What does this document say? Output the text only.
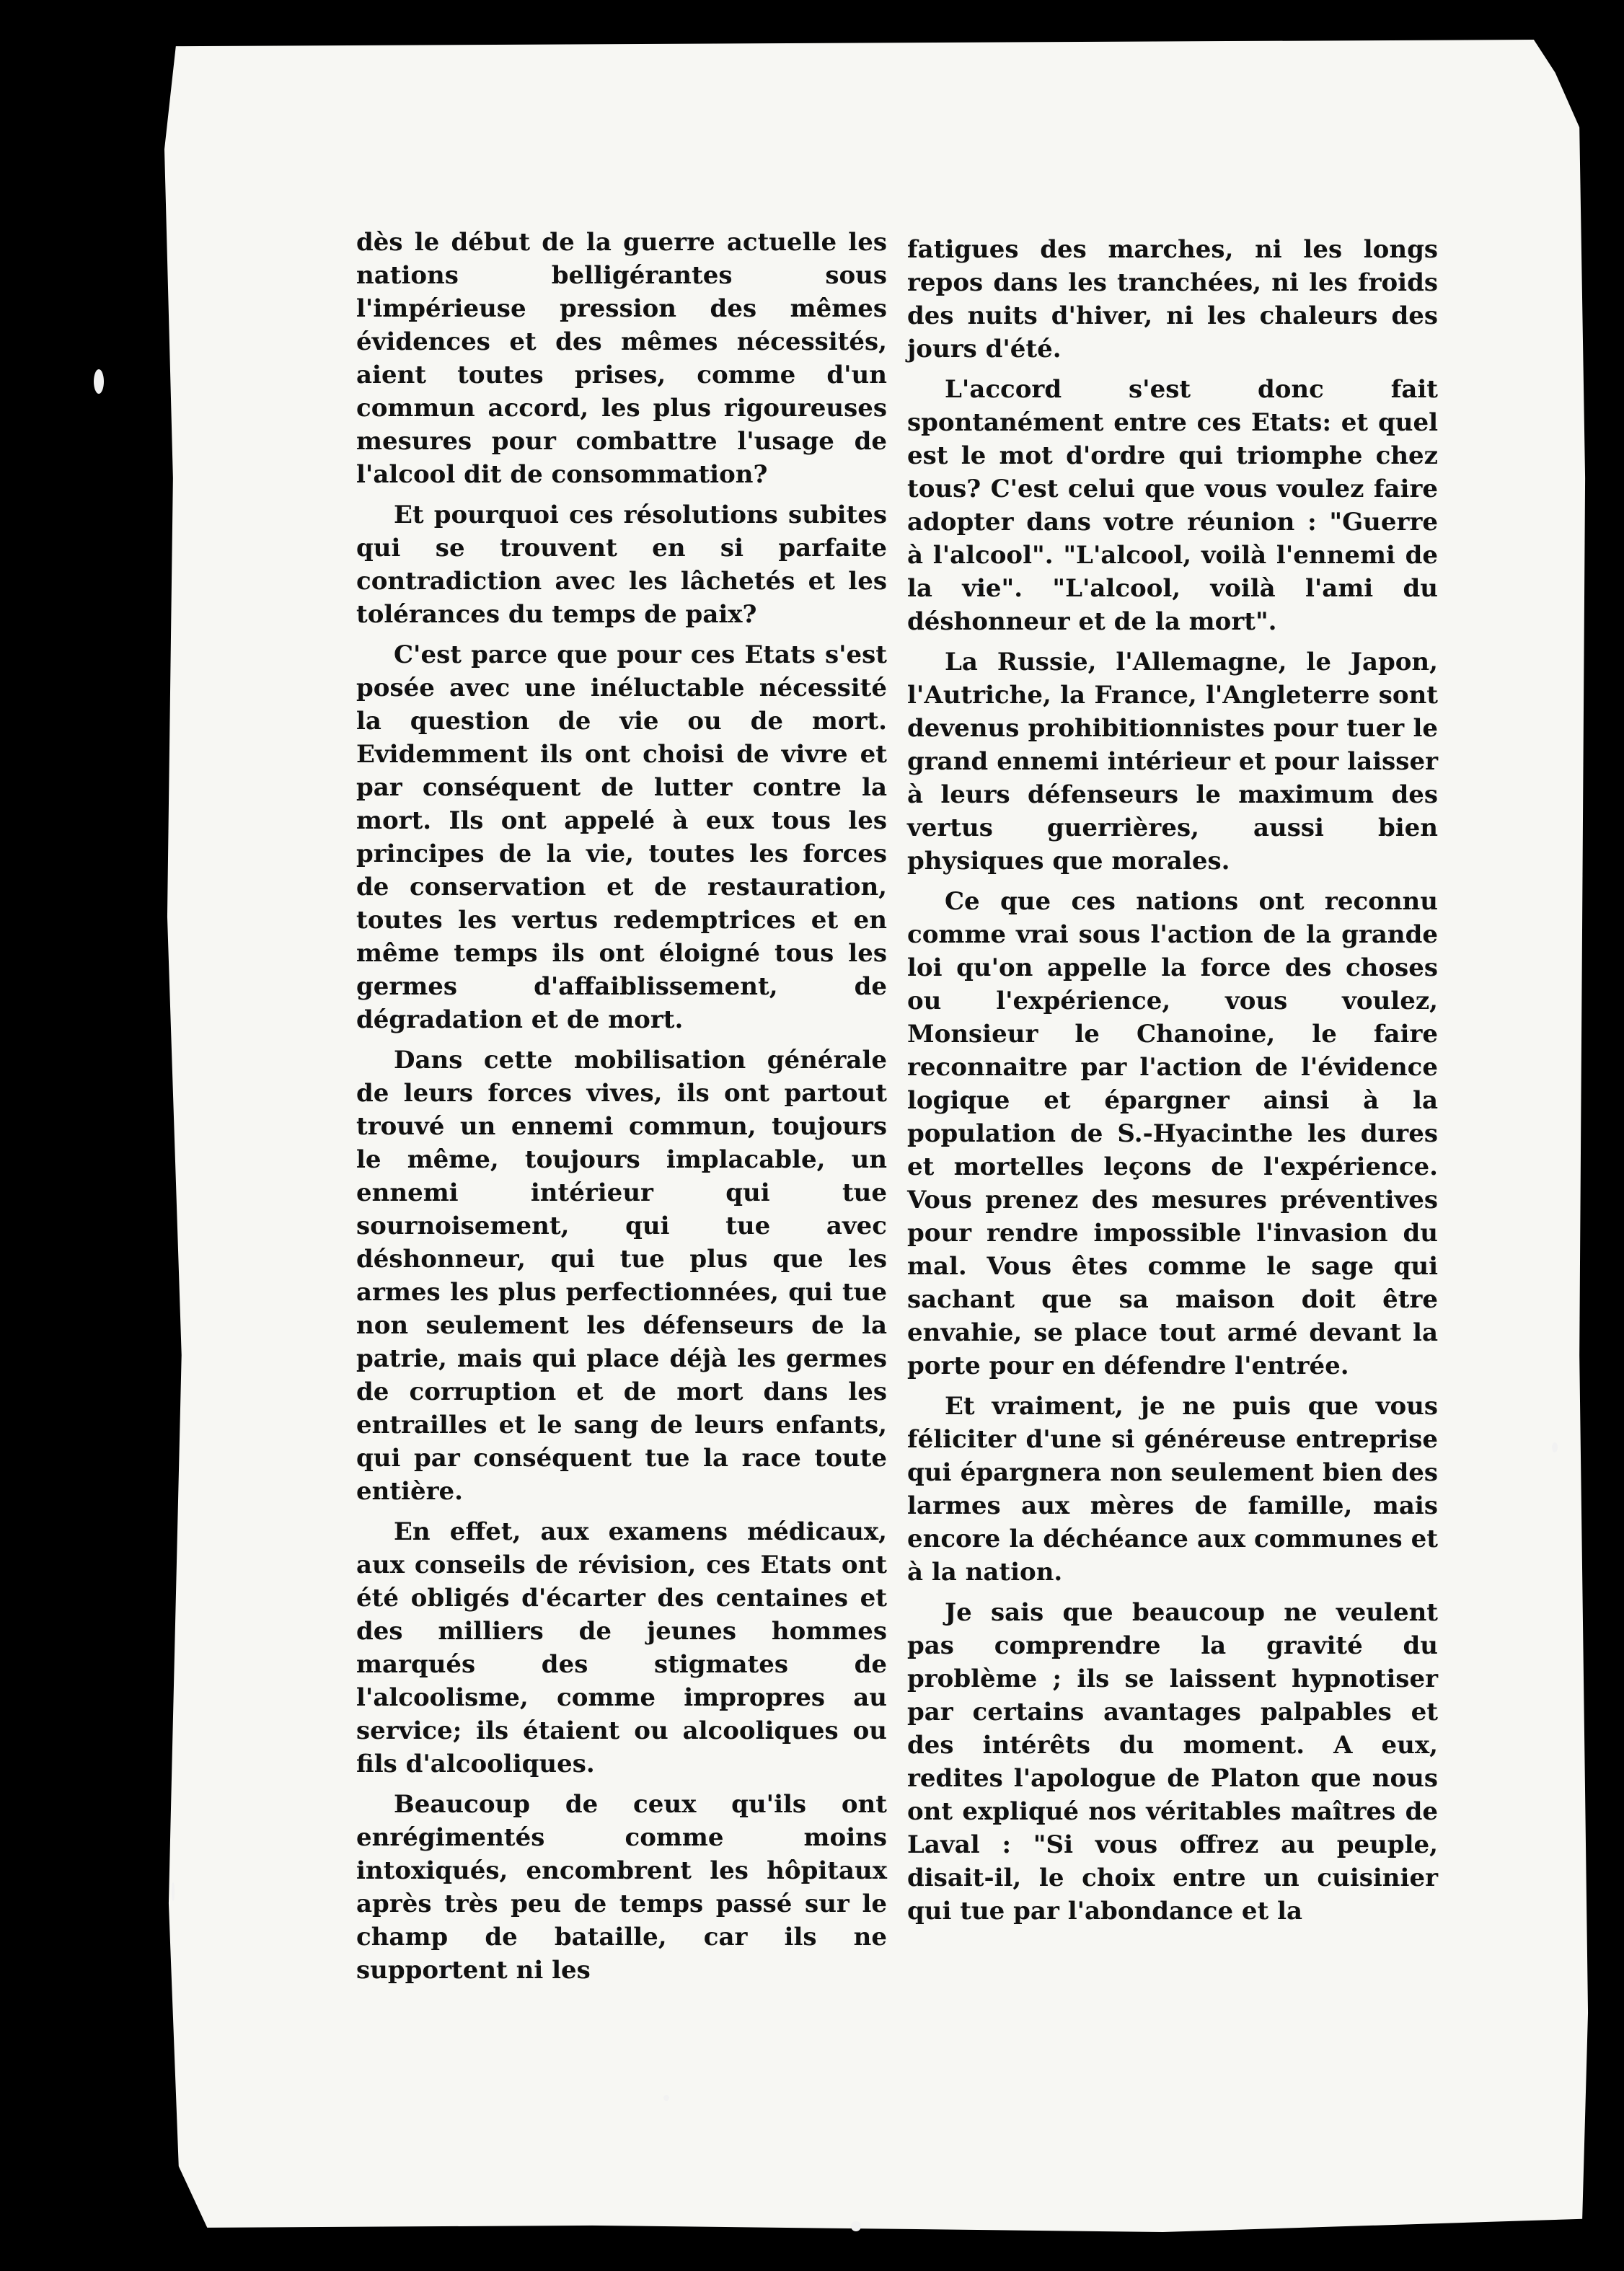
dès le début de la guerre actuelle les nations belligérantes sous l'impérieuse pression des mêmes évidences et des mêmes nécessités, aient toutes prises, comme d'un commun accord, les plus rigoureuses mesures pour combattre l'usage de l'alcool dit de consommation?

Et pourquoi ces résolutions subites qui se trouvent en si parfaite contradiction avec les lâchetés et les tolérances du temps de paix?

C'est parce que pour ces Etats s'est posée avec une inéluctable nécessité la question de vie ou de mort. Evidemment ils ont choisi de vivre et par conséquent de lutter contre la mort. Ils ont appelé à eux tous les principes de la vie, toutes les forces de conservation et de restauration, toutes les vertus redemptrices et en même temps ils ont éloigné tous les germes d'affaiblissement, de dégradation et de mort.

Dans cette mobilisation générale de leurs forces vives, ils ont partout trouvé un ennemi commun, toujours le même, toujours implacable, un ennemi intérieur qui tue sournoisement, qui tue avec déshonneur, qui tue plus que les armes les plus perfectionnées, qui tue non seulement les défenseurs de la patrie, mais qui place déjà les germes de corruption et de mort dans les entrailles et le sang de leurs enfants, qui par conséquent tue la race toute entière.

En effet, aux examens médicaux, aux conseils de révision, ces Etats ont été obligés d'écarter des centaines et des milliers de jeunes hommes marqués des stigmates de l'alcoolisme, comme impropres au service; ils étaient ou alcooliques ou fils d'alcooliques.

Beaucoup de ceux qu'ils ont enrégimentés comme moins intoxiqués, encombrent les hôpitaux après très peu de temps passé sur le champ de bataille, car ils ne supportent ni les

fatigues des marches, ni les longs repos dans les tranchées, ni les froids des nuits d'hiver, ni les chaleurs des jours d'été.

L'accord s'est donc fait spontanément entre ces Etats: et quel est le mot d'ordre qui triomphe chez tous? C'est celui que vous voulez faire adopter dans votre réunion : "Guerre à l'alcool". "L'alcool, voilà l'ennemi de la vie". "L'alcool, voilà l'ami du déshonneur et de la mort".

La Russie, l'Allemagne, le Japon, l'Autriche, la France, l'Angleterre sont devenus prohibitionnistes pour tuer le grand ennemi intérieur et pour laisser à leurs défenseurs le maximum des vertus guerrières, aussi bien physiques que morales.

Ce que ces nations ont reconnu comme vrai sous l'action de la grande loi qu'on appelle la force des choses ou l'expérience, vous voulez, Monsieur le Chanoine, le faire reconnaitre par l'action de l'évidence logique et épargner ainsi à la population de S.-Hyacinthe les dures et mortelles leçons de l'expérience. Vous prenez des mesures préventives pour rendre impossible l'invasion du mal. Vous êtes comme le sage qui sachant que sa maison doit être envahie, se place tout armé devant la porte pour en défendre l'entrée.

Et vraiment, je ne puis que vous féliciter d'une si généreuse entreprise qui épargnera non seulement bien des larmes aux mères de famille, mais encore la déchéance aux communes et à la nation.

Je sais que beaucoup ne veulent pas comprendre la gravité du problème ; ils se laissent hypnotiser par certains avantages palpables et des intérêts du moment. A eux, redites l'apologue de Platon que nous ont expliqué nos véritables maîtres de Laval : "Si vous offrez au peuple, disait-il, le choix entre un cuisinier qui tue par l'abondance et la
